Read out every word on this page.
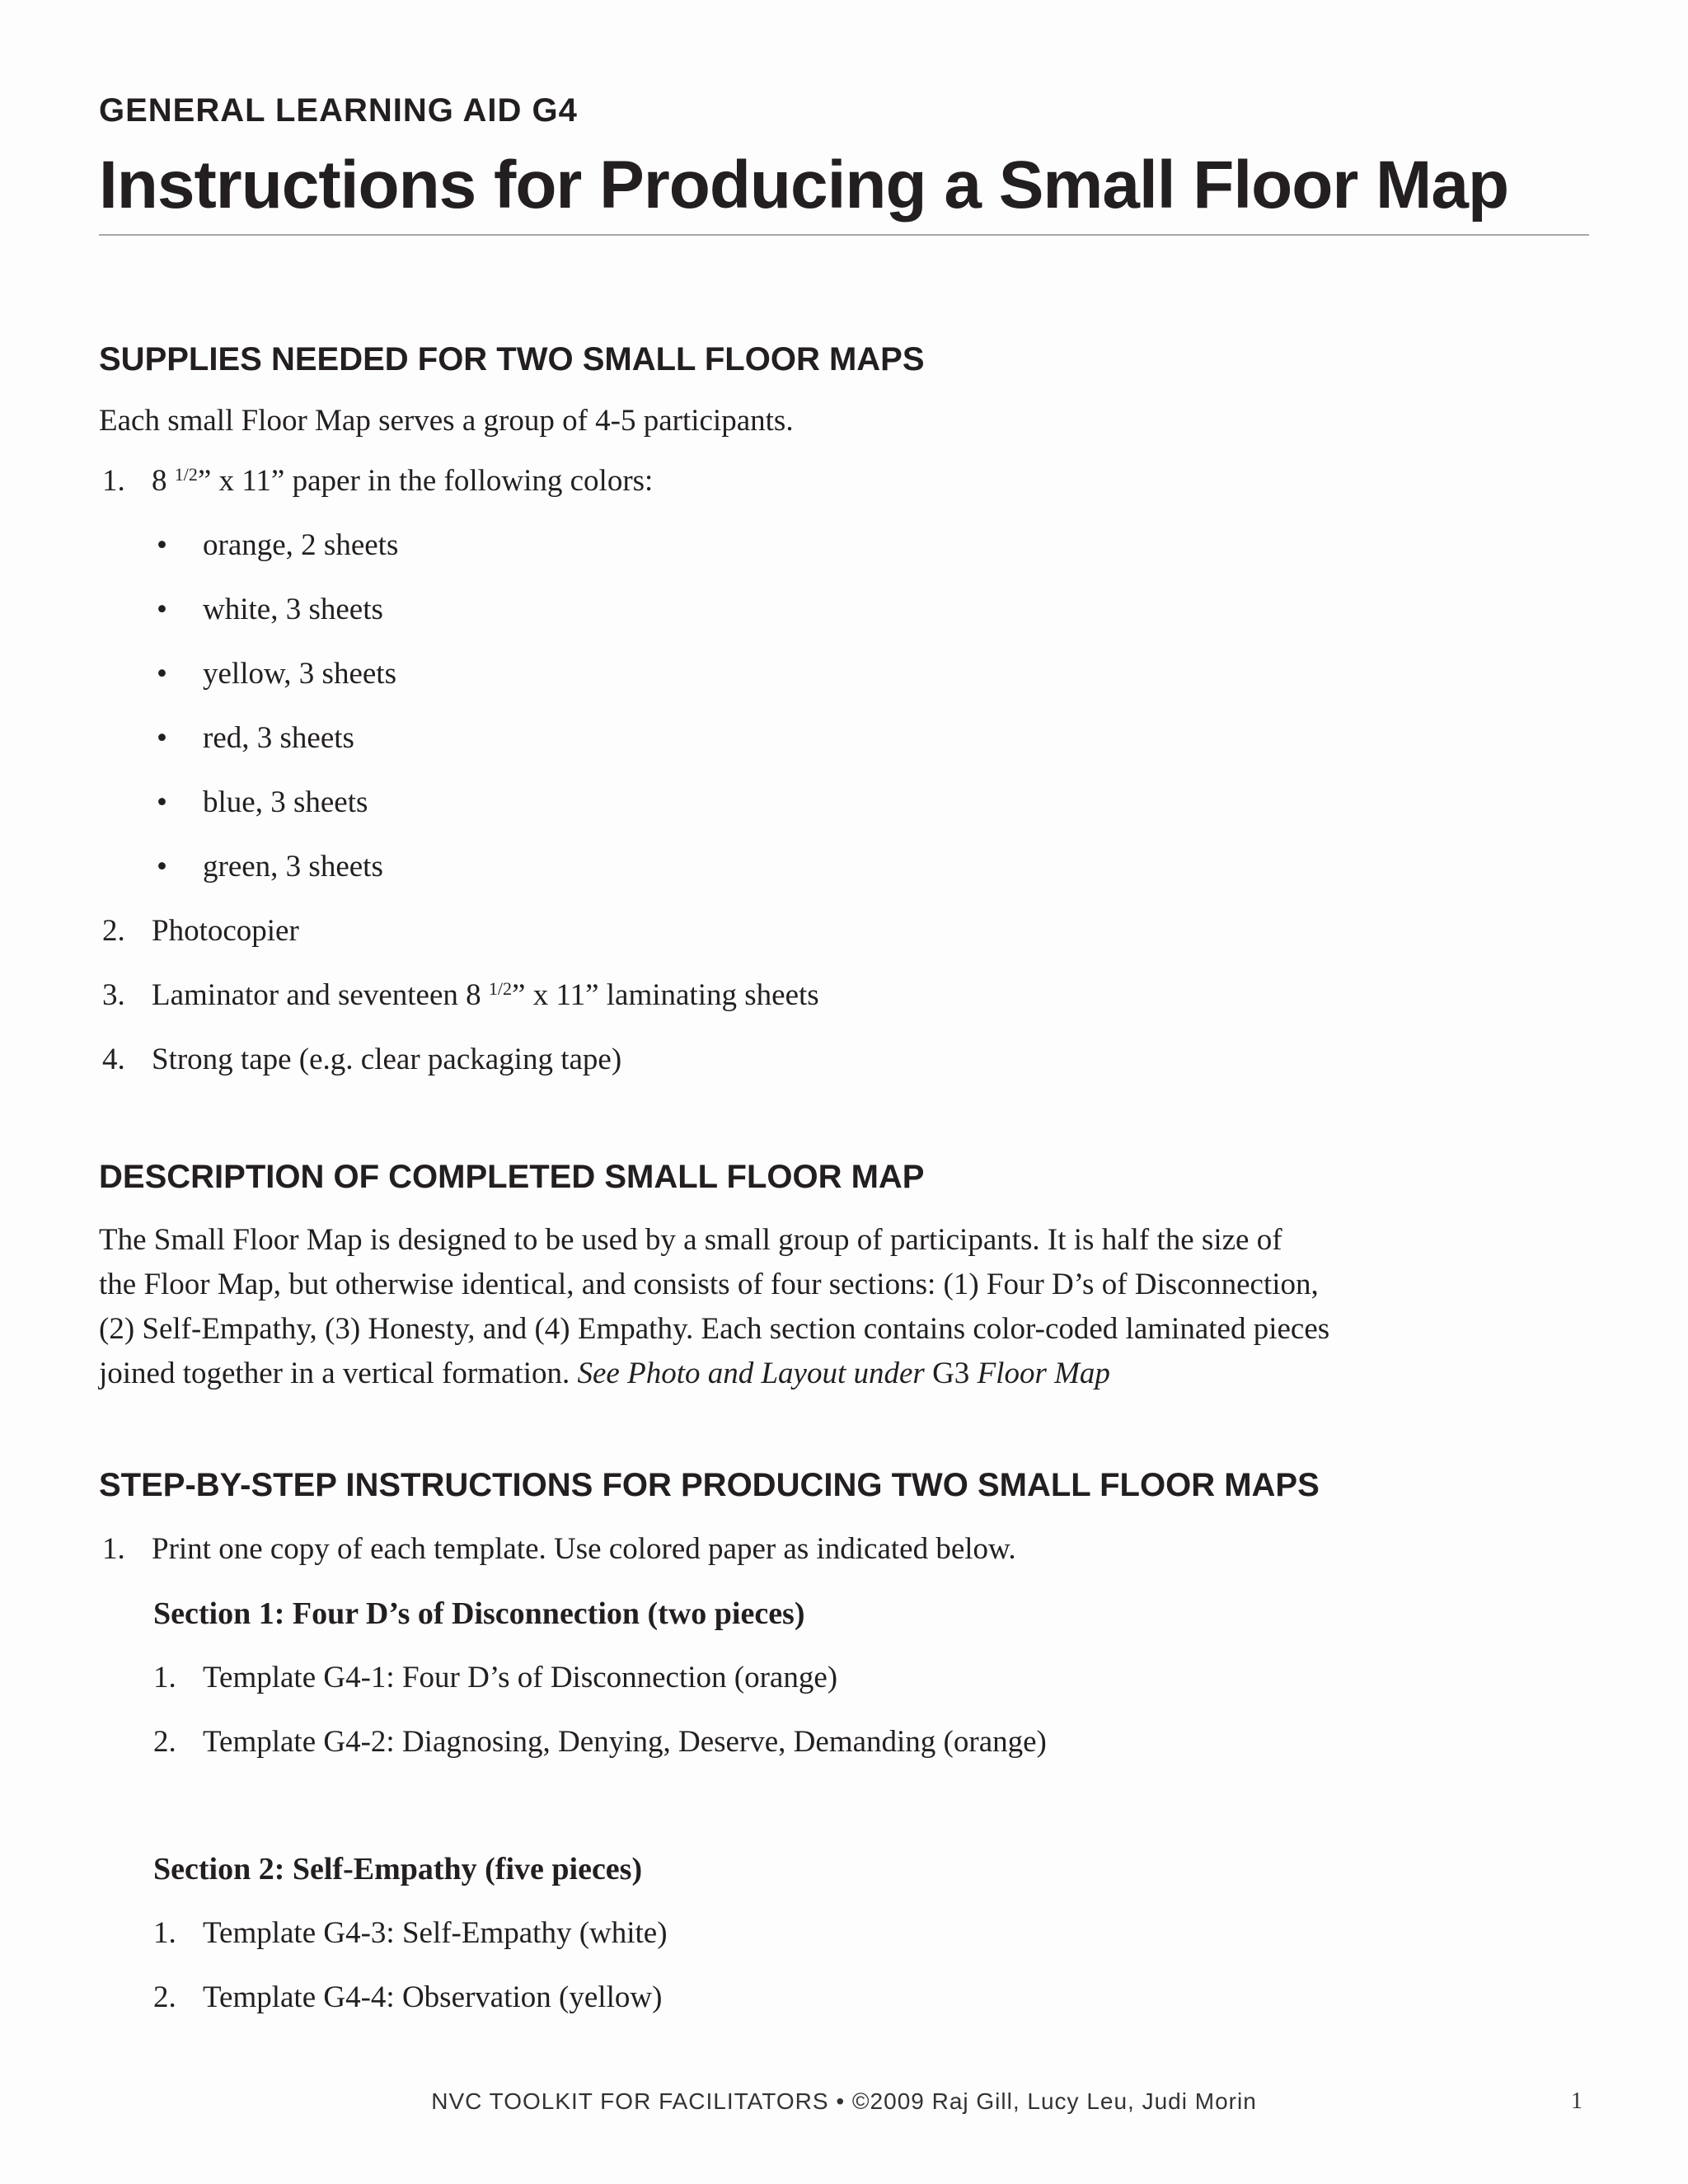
GENERAL LEARNING AID G4
Instructions for Producing a Small Floor Map
SUPPLIES NEEDED FOR TWO SMALL FLOOR MAPS
Each small Floor Map serves a group of 4-5 participants.
1. 8 $^{1/2}$” x 11” paper in the following colors:
• orange, 2 sheets
• white, 3 sheets
• yellow, 3 sheets
• red, 3 sheets
• blue, 3 sheets
• green, 3 sheets
2. Photocopier
3. Laminator and seventeen 8 $^{1/2}$” x 11” laminating sheets
4. Strong tape (e.g. clear packaging tape)
DESCRIPTION OF COMPLETED SMALL FLOOR MAP
The Small Floor Map is designed to be used by a small group of participants. It is half the size of
the Floor Map, but otherwise identical, and consists of four sections: (1) Four D’s of Disconnection,
(2) Self-Empathy, (3) Honesty, and (4) Empathy. Each section contains color-coded laminated pieces
joined together in a vertical formation. See Photo and Layout under G3 Floor Map
STEP-BY-STEP INSTRUCTIONS FOR PRODUCING TWO SMALL FLOOR MAPS
1. Print one copy of each template. Use colored paper as indicated below.
Section 1: Four D’s of Disconnection (two pieces)
1. Template G4-1: Four D’s of Disconnection (orange)
2. Template G4-2: Diagnosing, Denying, Deserve, Demanding (orange)
Section 2: Self-Empathy (five pieces)
1. Template G4-3: Self-Empathy (white)
2. Template G4-4: Observation (yellow)
NVC TOOLKIT FOR FACILITATORS • ©2009 Raj Gill, Lucy Leu, Judi Morin	1
